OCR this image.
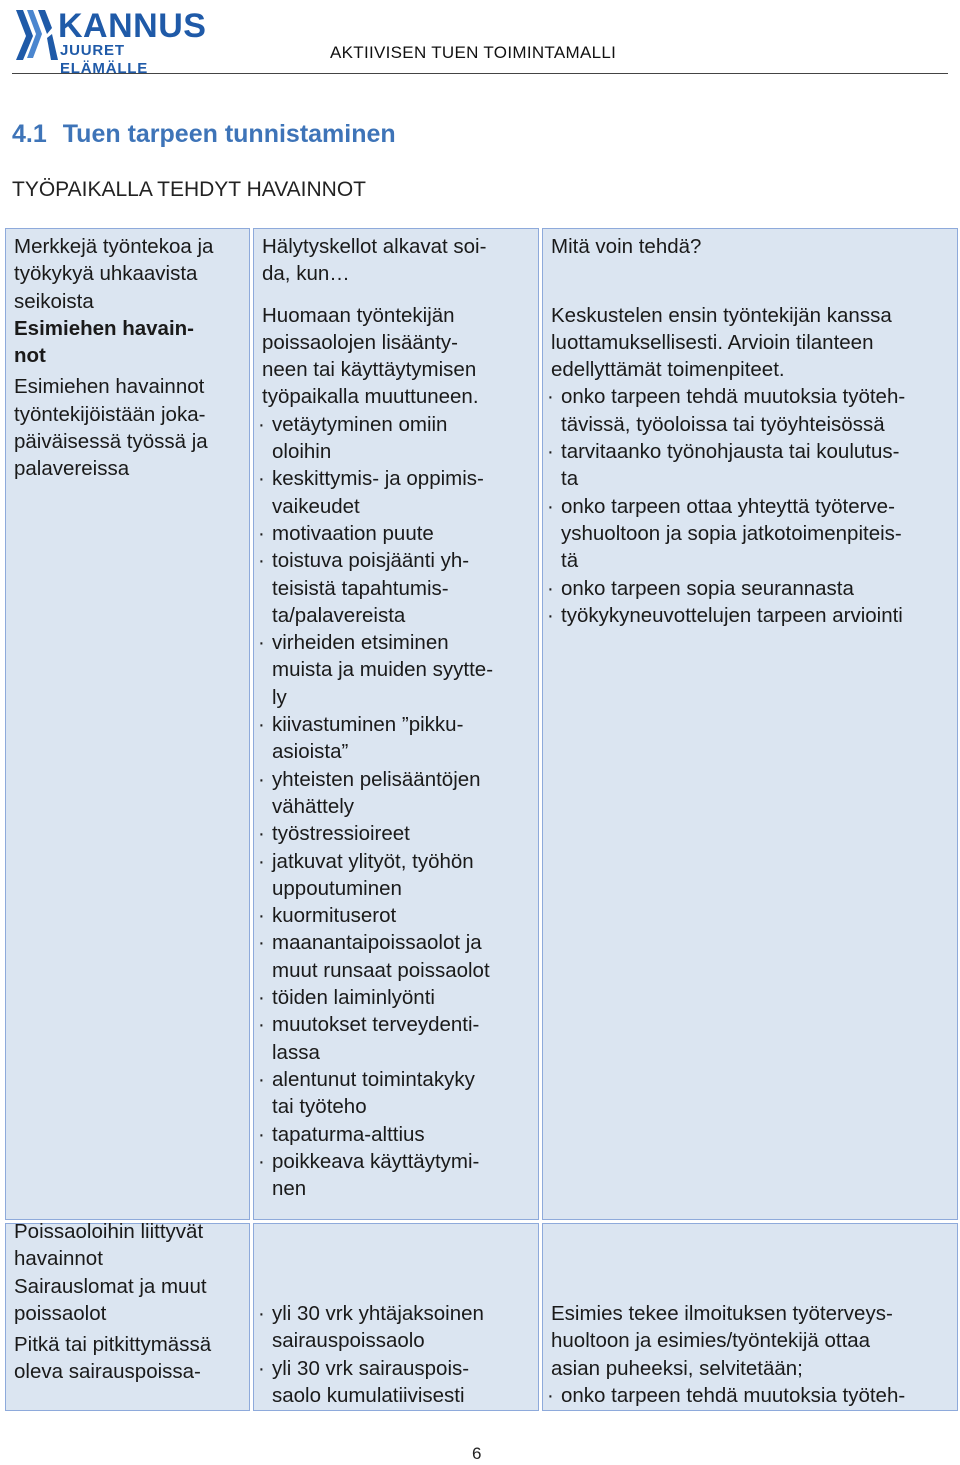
KANNUS
JUURET ELÄMÄLLE
AKTIIVISEN TUEN TOIMINTAMALLI
4.1 Tuen tarpeen tunnistaminen
TYÖPAIKALLA TEHDYT HAVAINNOT
Merkkejä työntekoa ja
työkykyä uhkaavista
seikoista
Esimiehen havain-
not
Esimiehen havainnot
työntekijöistään joka-
päiväisessä työssä ja
palavereissa
Hälytyskellot alkavat soi-
da, kun…
Huomaan työntekijän
poissaolojen lisäänty-
neen tai käyttäytymisen
työpaikalla muuttuneen.
· vetäytyminen omiin
oloihin
· keskittymis- ja oppimis-
vaikeudet
· motivaation puute
· toistuva poisjäänti yh-
teisistä tapahtumis-
ta/palavereista
· virheiden etsiminen
muista ja muiden syytte-
ly
· kiivastuminen ”pikku-
asioista”
· yhteisten pelisääntöjen
vähättely
· työstressioireet
· jatkuvat ylityöt, työhön
uppoutuminen
· kuormituserot
· maanantaipoissaolot ja
muut runsaat poissaolot
· töiden laiminlyönti
· muutokset terveydenti-
lassa
· alentunut toimintakyky
tai työteho
· tapaturma-alttius
· poikkeava käyttäytymi-
nen
Mitä voin tehdä?
Keskustelen ensin työntekijän kanssa
luottamuksellisesti. Arvioin tilanteen
edellyttämät toimenpiteet.
· onko tarpeen tehdä muutoksia työteh-
tävissä, työoloissa tai työyhteisössä
· tarvitaanko työnohjausta tai koulutus-
ta
· onko tarpeen ottaa yhteyttä työterve-
yshuoltoon ja sopia jatkotoimenpiteis-
tä
· onko tarpeen sopia seurannasta
· työkykyneuvottelujen tarpeen arviointi
Poissaoloihin liittyvät
havainnot
Sairauslomat ja muut
poissaolot
Pitkä tai pitkittymässä
oleva sairauspoissa-
· yli 30 vrk yhtäjaksoinen
sairauspoissaolo
· yli 30 vrk sairauspois-
saolo kumulatiivisesti
Esimies tekee ilmoituksen työterveys-
huoltoon ja esimies/työntekijä ottaa
asian puheeksi, selvitetään;
· onko tarpeen tehdä muutoksia työteh-
6
